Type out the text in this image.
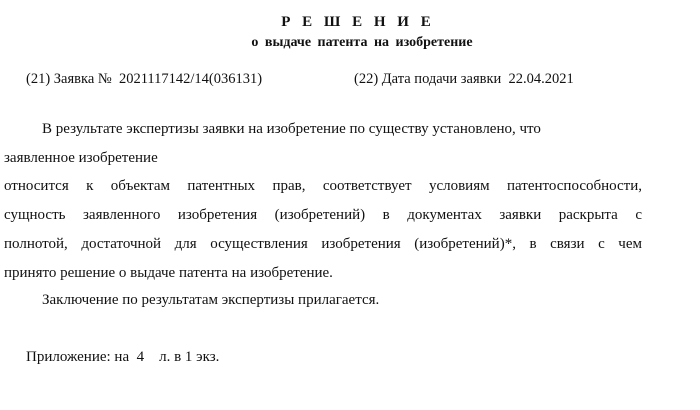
Р Е Ш Е Н И Е
о выдаче патента на изобретение
(21) Заявка №  2021117142/14(036131)	(22) Дата подачи заявки  22.04.2021
В результате экспертизы заявки на изобретение по существу установлено, что
заявленное изобретение
относится к объектам патентных прав, соответствует условиям патентоспособности,
сущность заявленного изобретения (изобретений) в документах заявки раскрыта с
полнотой, достаточной для осуществления изобретения (изобретений)*, в связи с чем
принято решение о выдаче патента на изобретение.
Заключение по результатам экспертизы прилагается.
Приложение: на  4    л. в 1 экз.
